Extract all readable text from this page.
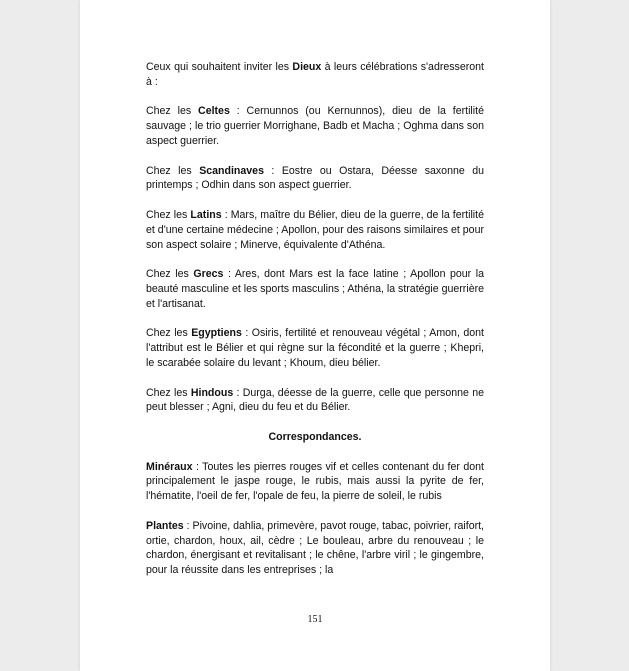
Ceux qui souhaitent inviter les Dieux à leurs célébrations s'adresseront à :

Chez les Celtes : Cernunnos (ou Kernunnos), dieu de la fertilité sauvage ; le trio guerrier Morrighane, Badb et Macha ; Oghma dans son aspect guerrier.

Chez les Scandinaves : Eostre ou Ostara, Déesse saxonne du printemps ; Odhin dans son aspect guerrier.

Chez les Latins : Mars, maître du Bélier, dieu de la guerre, de la fertilité et d'une certaine médecine ; Apollon, pour des raisons similaires et pour son aspect solaire ; Minerve, équivalente d'Athéna.

Chez les Grecs : Ares, dont Mars est la face latine ; Apollon pour la beauté masculine et les sports masculins ; Athéna, la stratégie guerrière et l'artisanat.

Chez les Egyptiens : Osiris, fertilité et renouveau végétal ; Amon, dont l'attribut est le Bélier et qui règne sur la fécondité et la guerre ; Khepri, le scarabée solaire du levant ; Khoum, dieu bélier.

Chez les Hindous : Durga, déesse de la guerre, celle que personne ne peut blesser ; Agni, dieu du feu et du Bélier.

Correspondances.

Minéraux : Toutes les pierres rouges vif et celles contenant du fer dont principalement le jaspe rouge, le rubis, mais aussi la pyrite de fer, l'hématite, l'oeil de fer, l'opale de feu, la pierre de soleil, le rubis

Plantes : Pivoine, dahlia, primevère, pavot rouge, tabac, poivrier, raifort, ortie, chardon, houx, ail, cèdre ; Le bouleau, arbre du renouveau ; le chardon, énergisant et revitalisant ; le chêne, l'arbre viril ; le gingembre, pour la réussite dans les entreprises ; la

151
